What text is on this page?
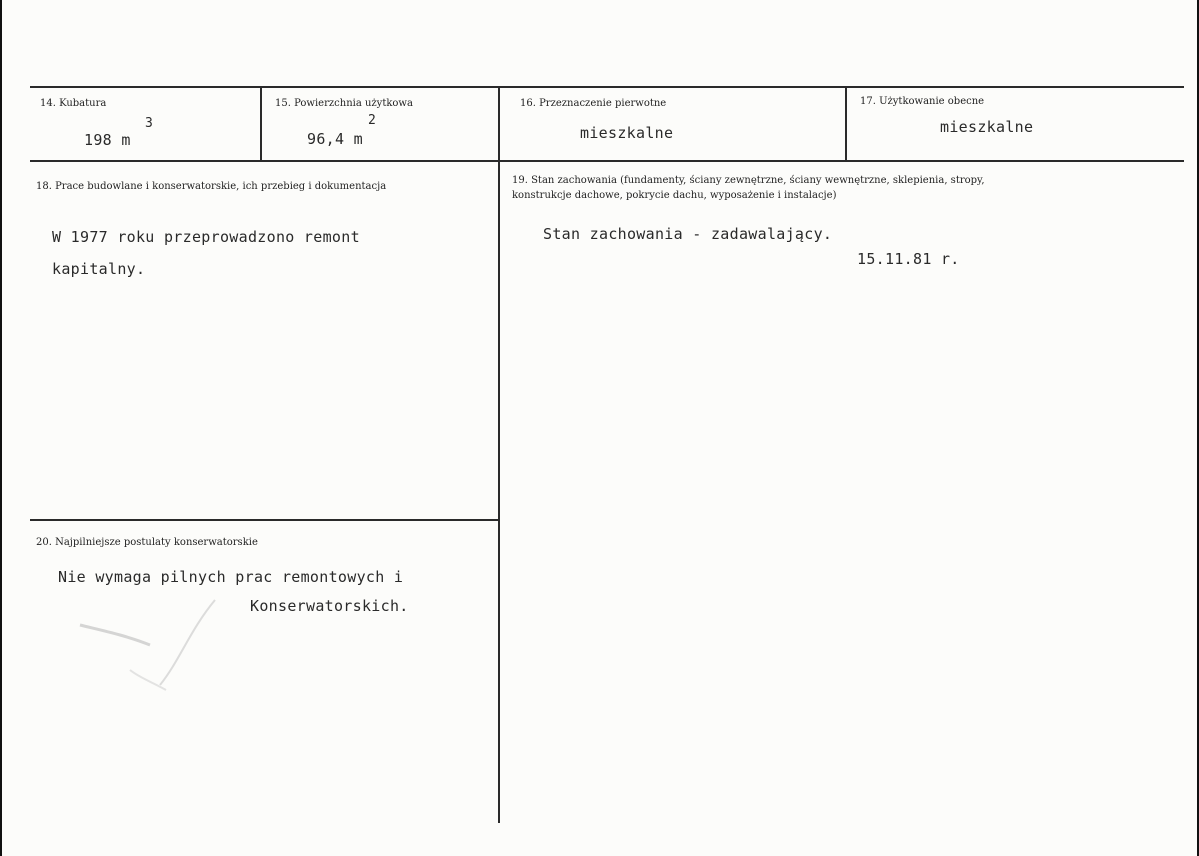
14. Kubatura
198 m
3
15. Powierzchnia użytkowa
96,4 m
2
16. Przeznaczenie pierwotne
mieszkalne
17. Użytkowanie obecne
mieszkalne
18. Prace budowlane i konserwatorskie, ich przebieg i dokumentacja
W 1977 roku przeprowadzono remont
kapitalny.
19. Stan zachowania (fundamenty, ściany zewnętrzne, ściany wewnętrzne, sklepienia, stropy,
konstrukcje dachowe, pokrycie dachu, wyposażenie i instalacje)
Stan zachowania - zadawalający.
15.11.81 r.
20. Najpilniejsze postulaty konserwatorskie
Nie wymaga pilnych prac remontowych i
Konserwatorskich.
